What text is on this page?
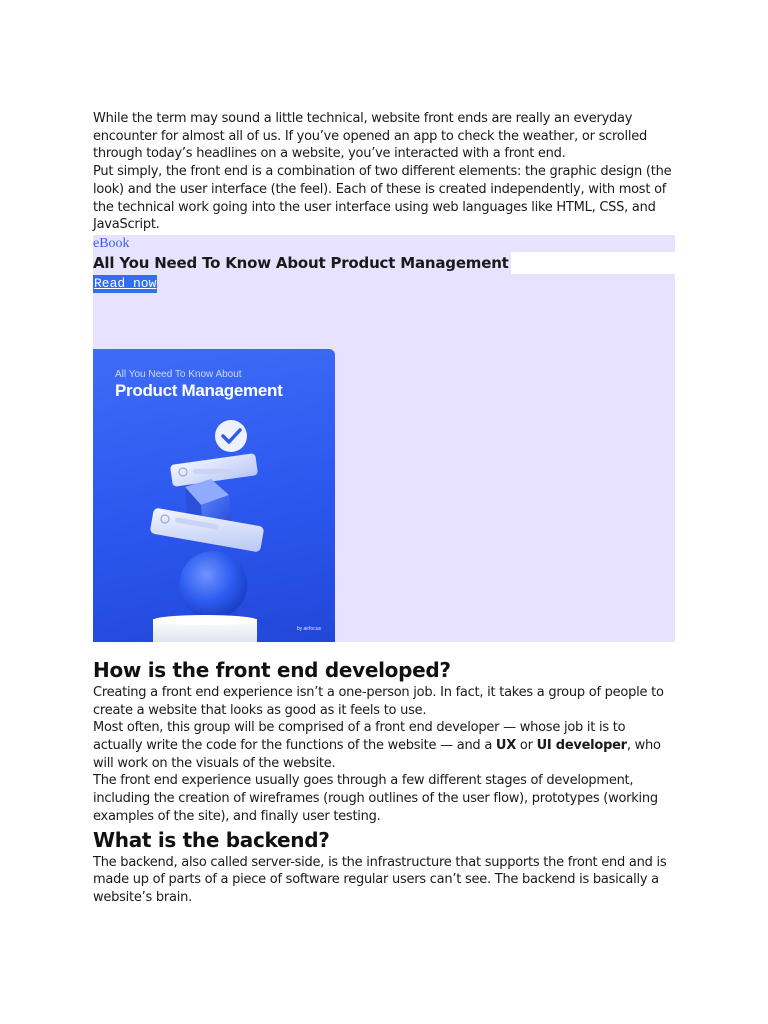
While the term may sound a little technical, website front ends are really an everyday encounter for almost all of us. If you’ve opened an app to check the weather, or scrolled through today’s headlines on a website, you’ve interacted with a front end.

Put simply, the front end is a combination of two different elements: the graphic design (the look) and the user interface (the feel). Each of these is created independently, with most of the technical work going into the user interface using web languages like HTML, CSS, and JavaScript.

eBook
All You Need To Know About Product Management
Read now
All You Need To Know About
Product Management
by airfocus
How is the front end developed?

Creating a front end experience isn’t a one-person job. In fact, it takes a group of people to create a website that looks as good as it feels to use.

Most often, this group will be comprised of a front end developer — whose job it is to actually write the code for the functions of the website — and a UX or UI developer, who will work on the visuals of the website.

The front end experience usually goes through a few different stages of development, including the creation of wireframes (rough outlines of the user flow), prototypes (working examples of the site), and finally user testing.

What is the backend?

The backend, also called server-side, is the infrastructure that supports the front end and is made up of parts of a piece of software regular users can’t see. The backend is basically a website’s brain.
